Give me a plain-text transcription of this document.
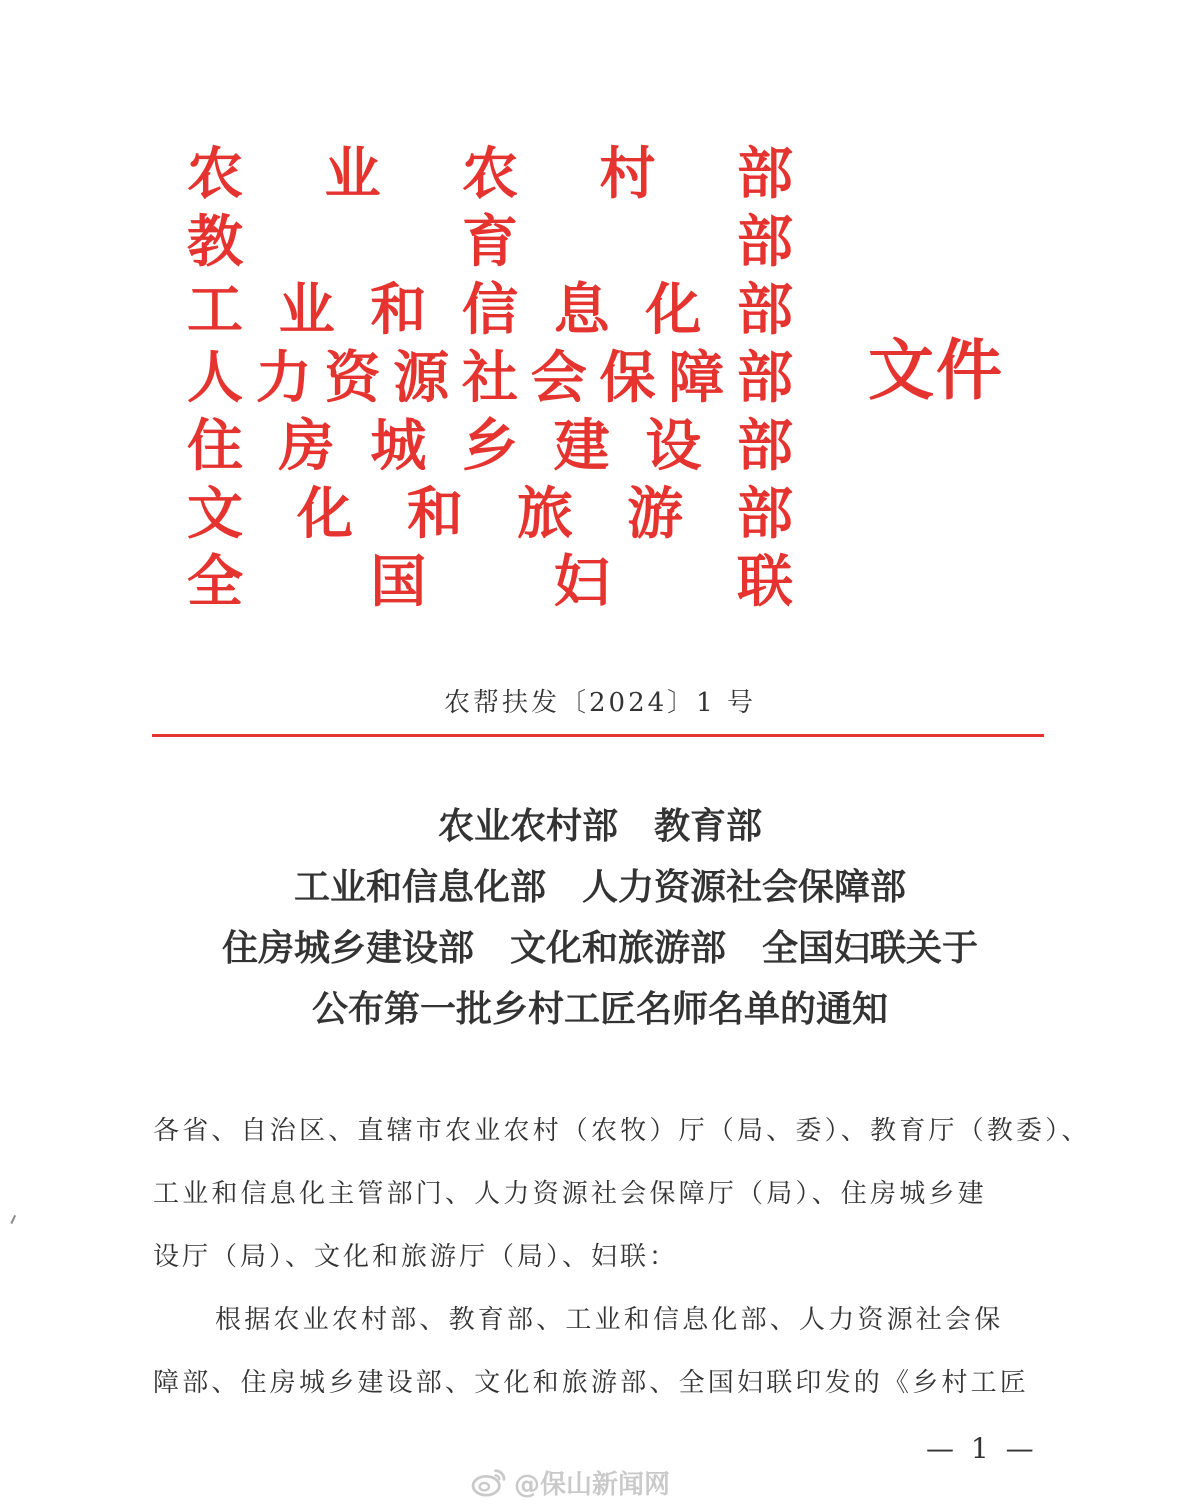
农 业 农 村 部
教	育	部
工 业 和 信 息 化 部
人 力 资 源 社 会 保 障 部
住 房 城 乡 建 设 部
文 化 和 旅 游 部
全 国 妇 联
文件
农帮扶发〔2024〕1 号
农业农村部　教育部
工业和信息化部　人力资源社会保障部
住房城乡建设部　文化和旅游部　全国妇联关于
公布第一批乡村工匠名师名单的通知
各省、自治区、直辖市农业农村（农牧）厅（局、委）、教育厅（教委）、
工业和信息化主管部门、人力资源社会保障厅（局）、住房城乡建
设厅（局）、文化和旅游厅（局）、妇联：
根据农业农村部、教育部、工业和信息化部、人力资源社会保
障部、住房城乡建设部、文化和旅游部、全国妇联印发的《乡村工匠
— 1 —
@保山新闻网
